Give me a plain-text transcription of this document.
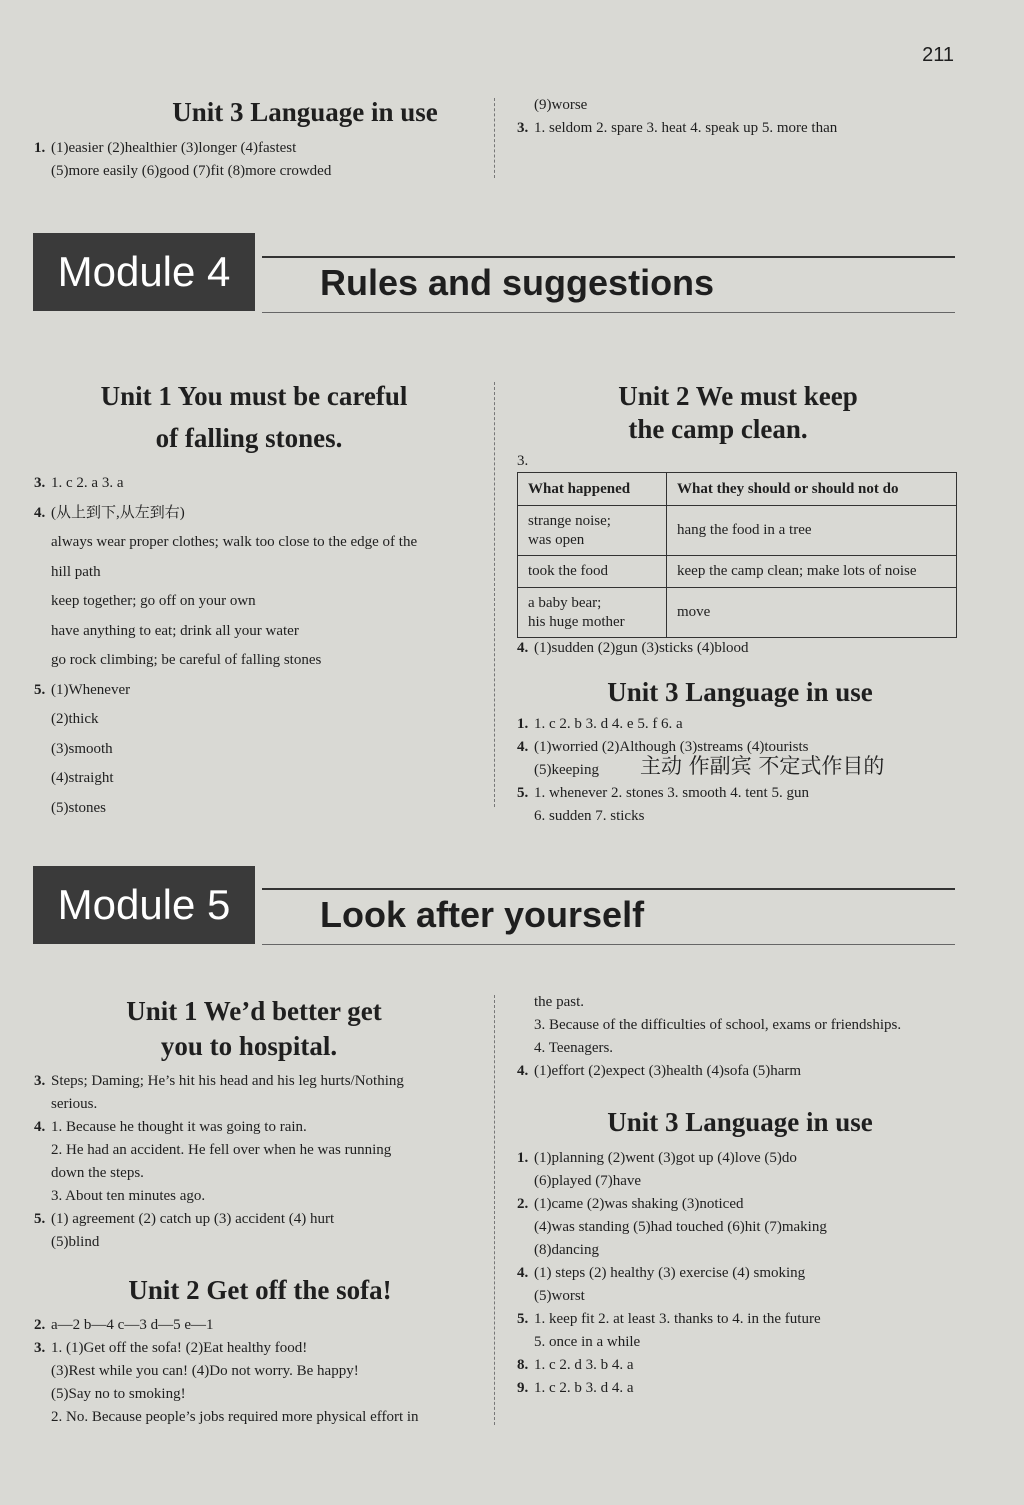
211
Unit 3 Language in use
1. (1)easier (2)healthier (3)longer (4)fastest
(5)more easily (6)good (7)fit (8)more crowded
(9)worse
3. 1. seldom 2. spare 3. heat 4. speak up 5. more than
Module 4	Rules and suggestions
Unit 1 You must be careful
of falling stones.
3. 1. c 2. a 3. a
4. (从上到下,从左到右)
always wear proper clothes; walk too close to the edge of the
hill path
keep together; go off on your own
have anything to eat; drink all your water
go rock climbing; be careful of falling stones
5. (1)Whenever
(2)thick
(3)smooth
(4)straight
(5)stones
Unit 2 We must keep
the camp clean.
3.
What happened	What they should or should not do
strange noise;
was open	hang the food in a tree
took the food	keep the camp clean; make lots of noise
a baby bear;
his huge mother	move
4. (1)sudden (2)gun (3)sticks (4)blood
Unit 3 Language in use
1. 1. c 2. b 3. d 4. e 5. f 6. a
4. (1)worried (2)Although (3)streams (4)tourists
(5)keeping
5. 1. whenever 2. stones 3. smooth 4. tent 5. gun
6. sudden 7. sticks
主动 作副宾 不定式作目的
Module 5	Look after yourself
Unit 1 We’d better get
you to hospital.
3. Steps; Daming; He’s hit his head and his leg hurts/Nothing
serious.
4. 1. Because he thought it was going to rain.
2. He had an accident. He fell over when he was running
down the steps.
3. About ten minutes ago.
5. (1) agreement (2) catch up (3) accident (4) hurt
(5)blind
Unit 2 Get off the sofa!
2. a—2 b—4 c—3 d—5 e—1
3. 1. (1)Get off the sofa! (2)Eat healthy food!
(3)Rest while you can! (4)Do not worry. Be happy!
(5)Say no to smoking!
2. No. Because people’s jobs required more physical effort in
the past.
3. Because of the difficulties of school, exams or friendships.
4. Teenagers.
4. (1)effort (2)expect (3)health (4)sofa (5)harm
Unit 3 Language in use
1. (1)planning (2)went (3)got up (4)love (5)do
(6)played (7)have
2. (1)came (2)was shaking (3)noticed
(4)was standing (5)had touched (6)hit (7)making
(8)dancing
4. (1) steps (2) healthy (3) exercise (4) smoking
(5)worst
5. 1. keep fit 2. at least 3. thanks to 4. in the future
5. once in a while
8. 1. c 2. d 3. b 4. a
9. 1. c 2. b 3. d 4. a
